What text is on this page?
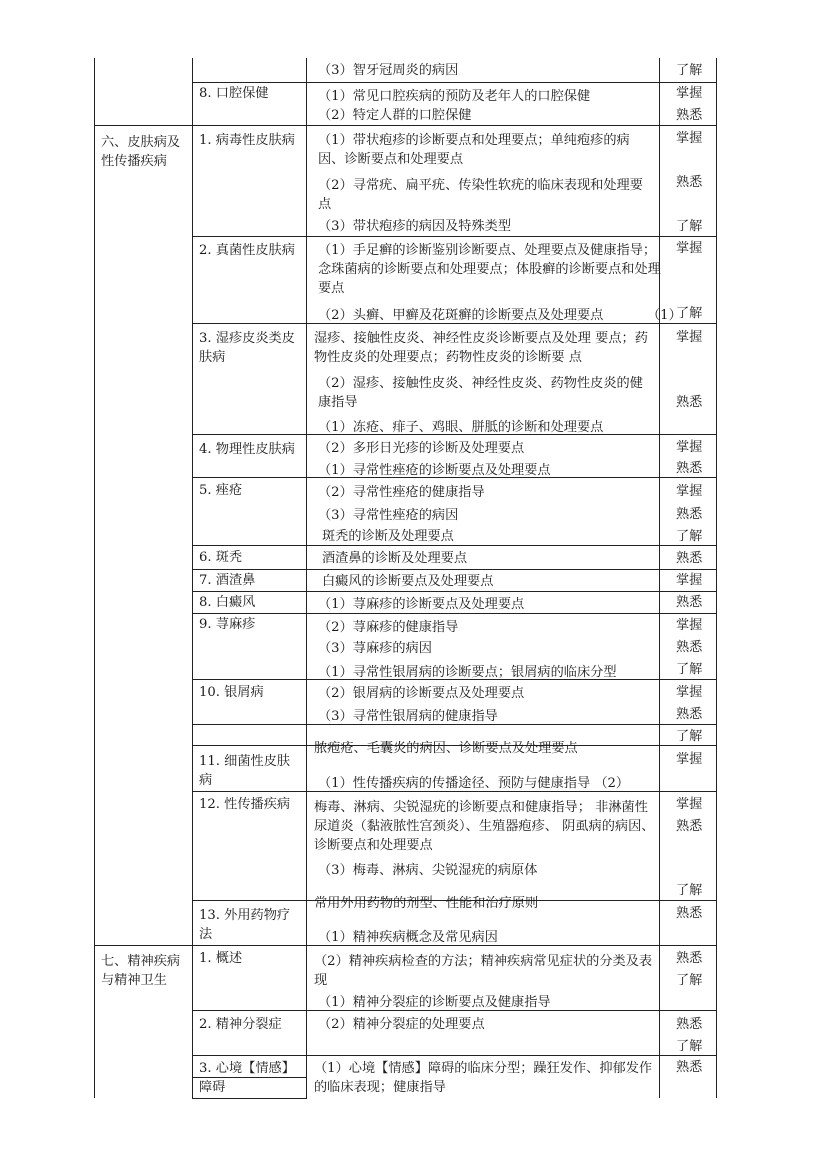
六、皮肤病及性传播疾病
七、精神疾病与精神卫生
8. 口腔保健
1. 病毒性皮肤病
2. 真菌性皮肤病
3. 湿疹皮炎类皮肤病
4. 物理性皮肤病
5. 痤疮
6. 斑秃
7. 酒渣鼻
8. 白癜风
9. 荨麻疹
10. 银屑病
11. 细菌性皮肤病
12. 性传播疾病
13. 外用药物疗法
1. 概述
2. 精神分裂症
3. 心境【情感】障碍
（3）智牙冠周炎的病因
（1）常见口腔疾病的预防及老年人的口腔保健
（2）特定人群的口腔保健
（1）带状疱疹的诊断要点和处理要点；单纯疱疹的病因、诊断要点和处理要点
（2）寻常疣、扁平疣、传染性软疣的临床表现和处理要点
（3）带状疱疹的病因及特殊类型
（1）手足癣的诊断鉴别诊断要点、处理要点及健康指导；念珠菌病的诊断要点和处理要点；体股癣的诊断要点和处理要点
（2）头癣、甲癣及花斑癣的诊断要点及处理要点	（1）
湿疹、接触性皮炎、神经性皮炎诊断要点及处理 要点；药物性皮炎的处理要点；药物性皮炎的诊断要 点
（2）湿疹、接触性皮炎、神经性皮炎、药物性皮炎的健康指导
（1）冻疮、痱子、鸡眼、胼胝的诊断和处理要点
（2）多形日光疹的诊断及处理要点
（1）寻常性痤疮的诊断要点及处理要点
（2）寻常性痤疮的健康指导
（3）寻常性痤疮的病因
斑秃的诊断及处理要点
酒渣鼻的诊断及处理要点
白癜风的诊断要点及处理要点
（1）荨麻疹的诊断要点及处理要点
（2）荨麻疹的健康指导
（3）荨麻疹的病因
（1）寻常性银屑病的诊断要点；银屑病的临床分型
（2）银屑病的诊断要点及处理要点
（3）寻常性银屑病的健康指导
脓疱疮、毛囊炎的病因、诊断要点及处理要点
（1）性传播疾病的传播途径、预防与健康指导 （2）
梅毒、淋病、尖锐湿疣的诊断要点和健康指导； 非淋菌性尿道炎（黏液脓性宫颈炎）、生殖器疱疹、 阴虱病的病因、诊断要点和处理要点
（3）梅毒、淋病、尖锐湿疣的病原体
常用外用药物的剂型、性能和治疗原则
（1）精神疾病概念及常见病因
（2）精神疾病检查的方法；精神疾病常见症状的分类及表现
（1）精神分裂症的诊断要点及健康指导
（2）精神分裂症的处理要点
（1）心境【情感】障碍的临床分型；躁狂发作、抑郁发作的临床表现；健康指导
了解
掌握
熟悉
掌握
熟悉
了解
掌握
了解
掌握
熟悉
掌握
熟悉
掌握
熟悉
了解
熟悉
掌握
熟悉
掌握
熟悉
了解
掌握
熟悉
了解
掌握
掌握
熟悉
了解
熟悉
熟悉
了解
熟悉
了解
熟悉
